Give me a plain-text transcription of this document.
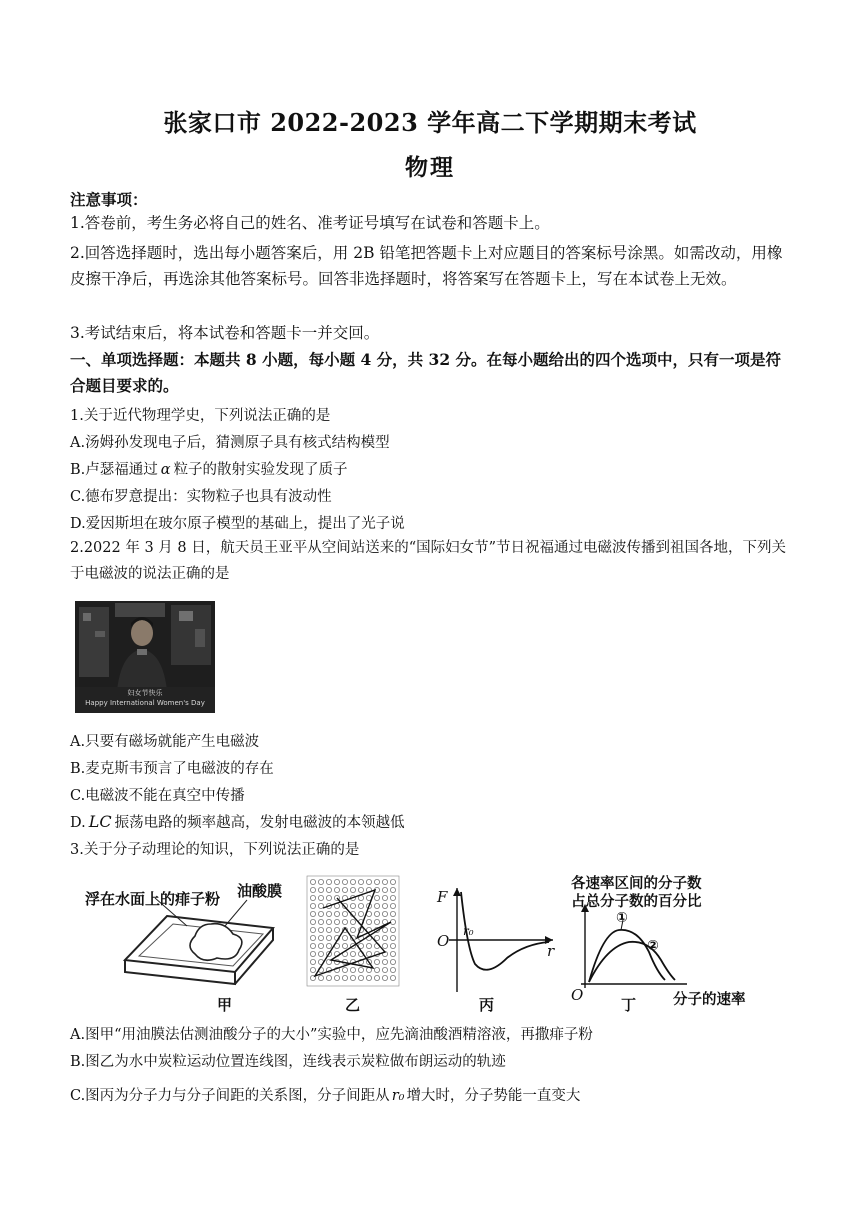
张家口市 2022-2023 学年高二下学期期末考试
物理
注意事项：
1.答卷前，考生务必将自己的姓名、准考证号填写在试卷和答题卡上。
2.回答选择题时，选出每小题答案后，用 2B 铅笔把答题卡上对应题目的答案标号涂黑。如需改动，用橡皮擦干净后，再选涂其他答案标号。回答非选择题时，将答案写在答题卡上，写在本试卷上无效。
3.考试结束后，将本试卷和答题卡一并交回。
一、单项选择题：本题共 8 小题，每小题 4 分，共 32 分。在每小题给出的四个选项中，只有一项是符合题目要求的。
1.关于近代物理学史，下列说法正确的是
A.汤姆孙发现电子后，猜测原子具有核式结构模型
B.卢瑟福通过 α 粒子的散射实验发现了质子
C.德布罗意提出：实物粒子也具有波动性
D.爱因斯坦在玻尔原子模型的基础上，提出了光子说
2.2022 年 3 月 8 日，航天员王亚平从空间站送来的“国际妇女节”节日祝福通过电磁波传播到祖国各地，下列关于电磁波的说法正确的是
妇女节快乐
Happy International Women's Day
A.只要有磁场就能产生电磁波
B.麦克斯韦预言了电磁波的存在
C.电磁波不能在真空中传播
D. LC 振荡电路的频率越高，发射电磁波的本领越低
3.关于分子动理论的知识，下列说法正确的是
浮在水面上的痱子粉 油酸膜
甲	乙
F
O
r₀
r
丙
各速率区间的分子数
占总分子数的百分比
①
②
O
丁	分子的速率
A.图甲“用油膜法估测油酸分子的大小”实验中，应先滴油酸酒精溶液，再撒痱子粉
B.图乙为水中炭粒运动位置连线图，连线表示炭粒做布朗运动的轨迹
C.图丙为分子力与分子间距的关系图，分子间距从 r₀ 增大时，分子势能一直变大
